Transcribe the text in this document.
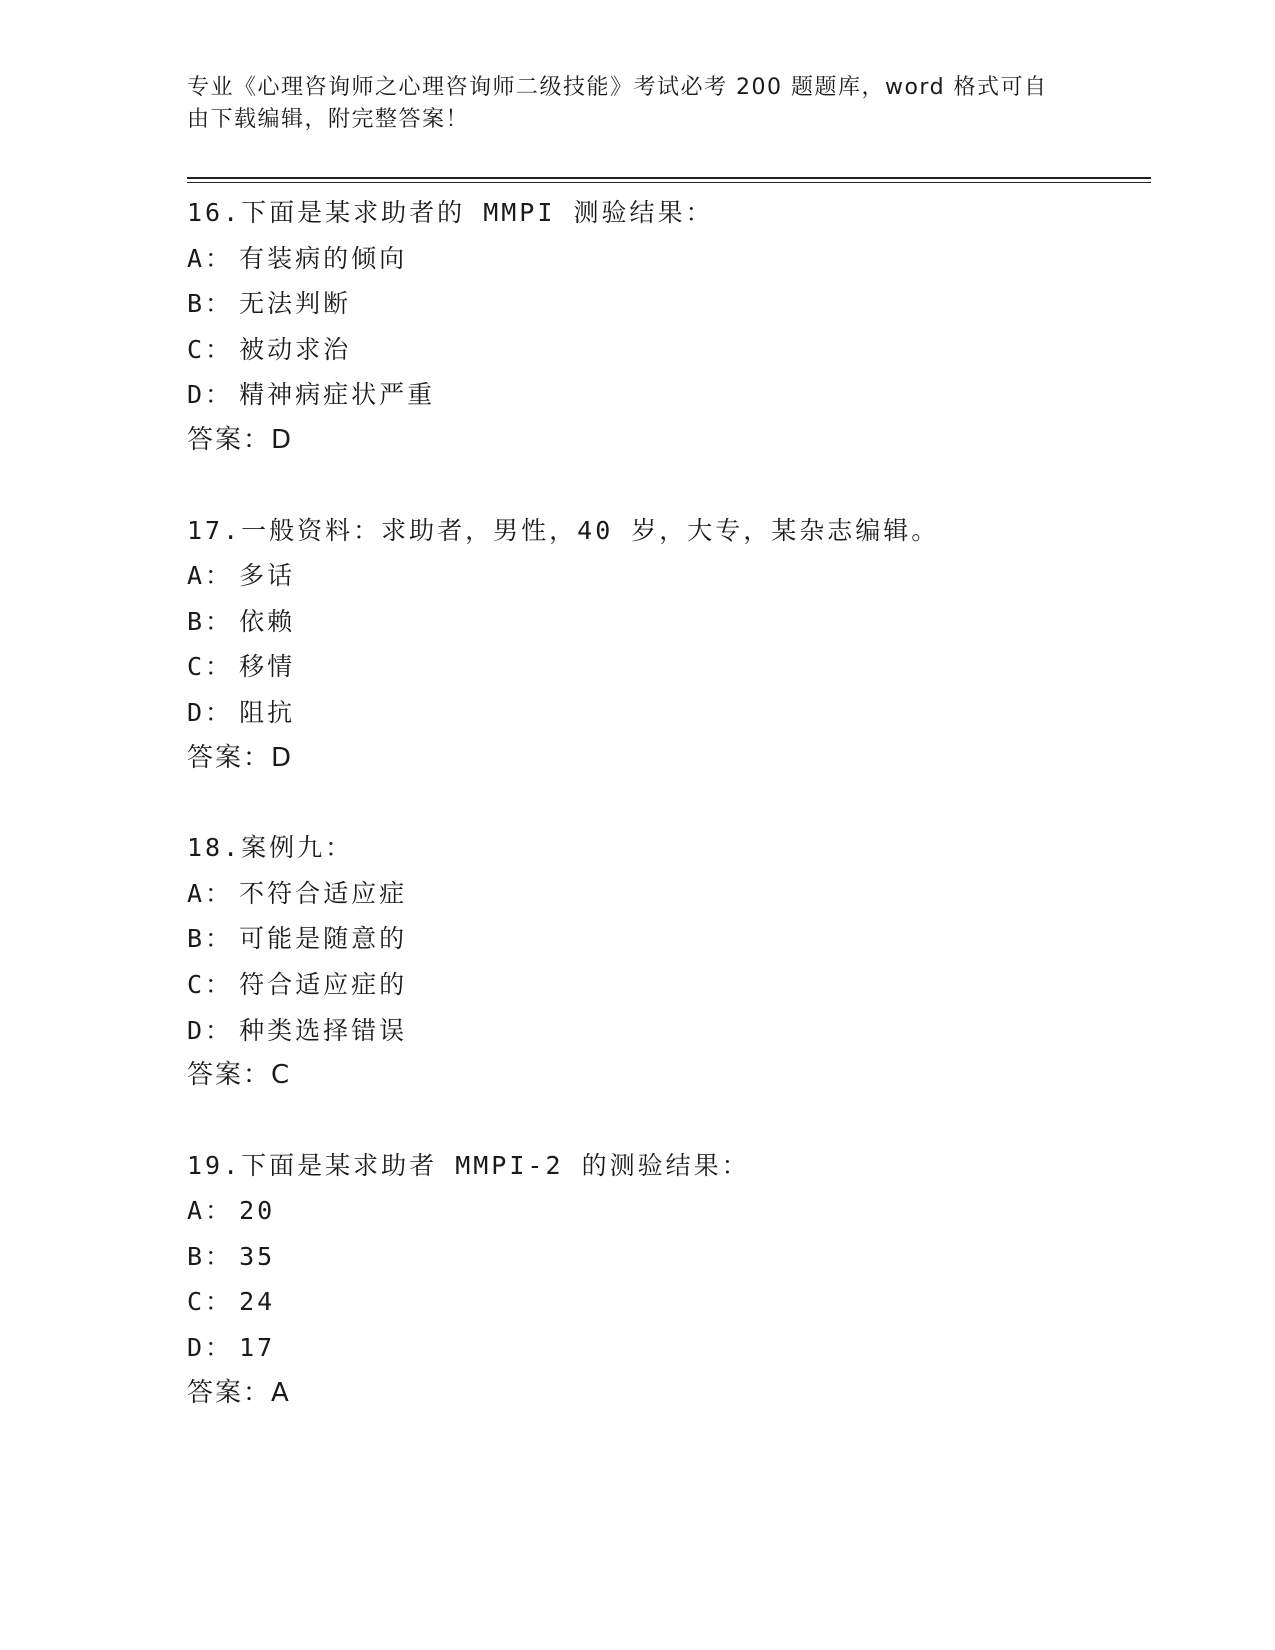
专业《心理咨询师之心理咨询师二级技能》考试必考 200 题题库，word 格式可自
由下载编辑，附完整答案！
16.下面是某求助者的 MMPI 测验结果：
A： 有装病的倾向
B： 无法判断
C： 被动求治
D： 精神病症状严重
答案：D
17.一般资料：求助者，男性，40 岁，大专，某杂志编辑。
A： 多话
B： 依赖
C： 移情
D： 阻抗
答案：D
18.案例九：
A： 不符合适应症
B： 可能是随意的
C： 符合适应症的
D： 种类选择错误
答案：C
19.下面是某求助者 MMPI-2 的测验结果：
A： 20
B： 35
C： 24
D： 17
答案：A
